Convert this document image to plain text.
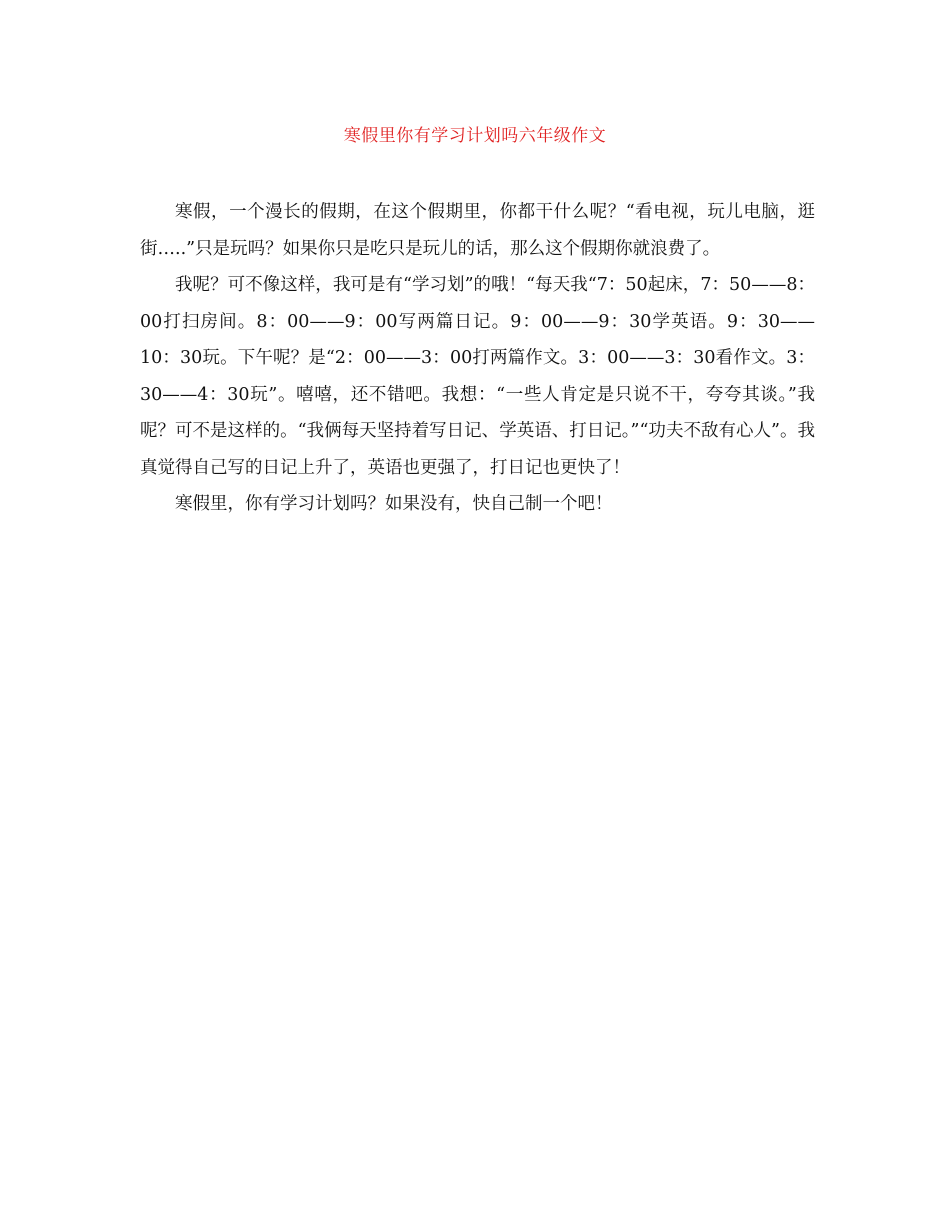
寒假里你有学习计划吗六年级作文

寒假，一个漫长的假期，在这个假期里，你都干什么呢？“看电视，玩儿电脑，逛街…..”只是玩吗？如果你只是吃只是玩儿的话，那么这个假期你就浪费了。

我呢？可不像这样，我可是有“学习划”的哦！“每天我“7：50起床，7：50——8：00打扫房间。8：00——9：00写两篇日记。9：00——9：30学英语。9：30——10：30玩。下午呢？是“2：00——3：00打两篇作文。3：00——3：30看作文。3：30——4：30玩”。嘻嘻，还不错吧。我想：“一些人肯定是只说不干，夸夸其谈。”我呢？可不是这样的。“我俩每天坚持着写日记、学英语、打日记。”“功夫不敌有心人”。我真觉得自己写的日记上升了，英语也更强了，打日记也更快了！

寒假里，你有学习计划吗？如果没有，快自己制一个吧！
